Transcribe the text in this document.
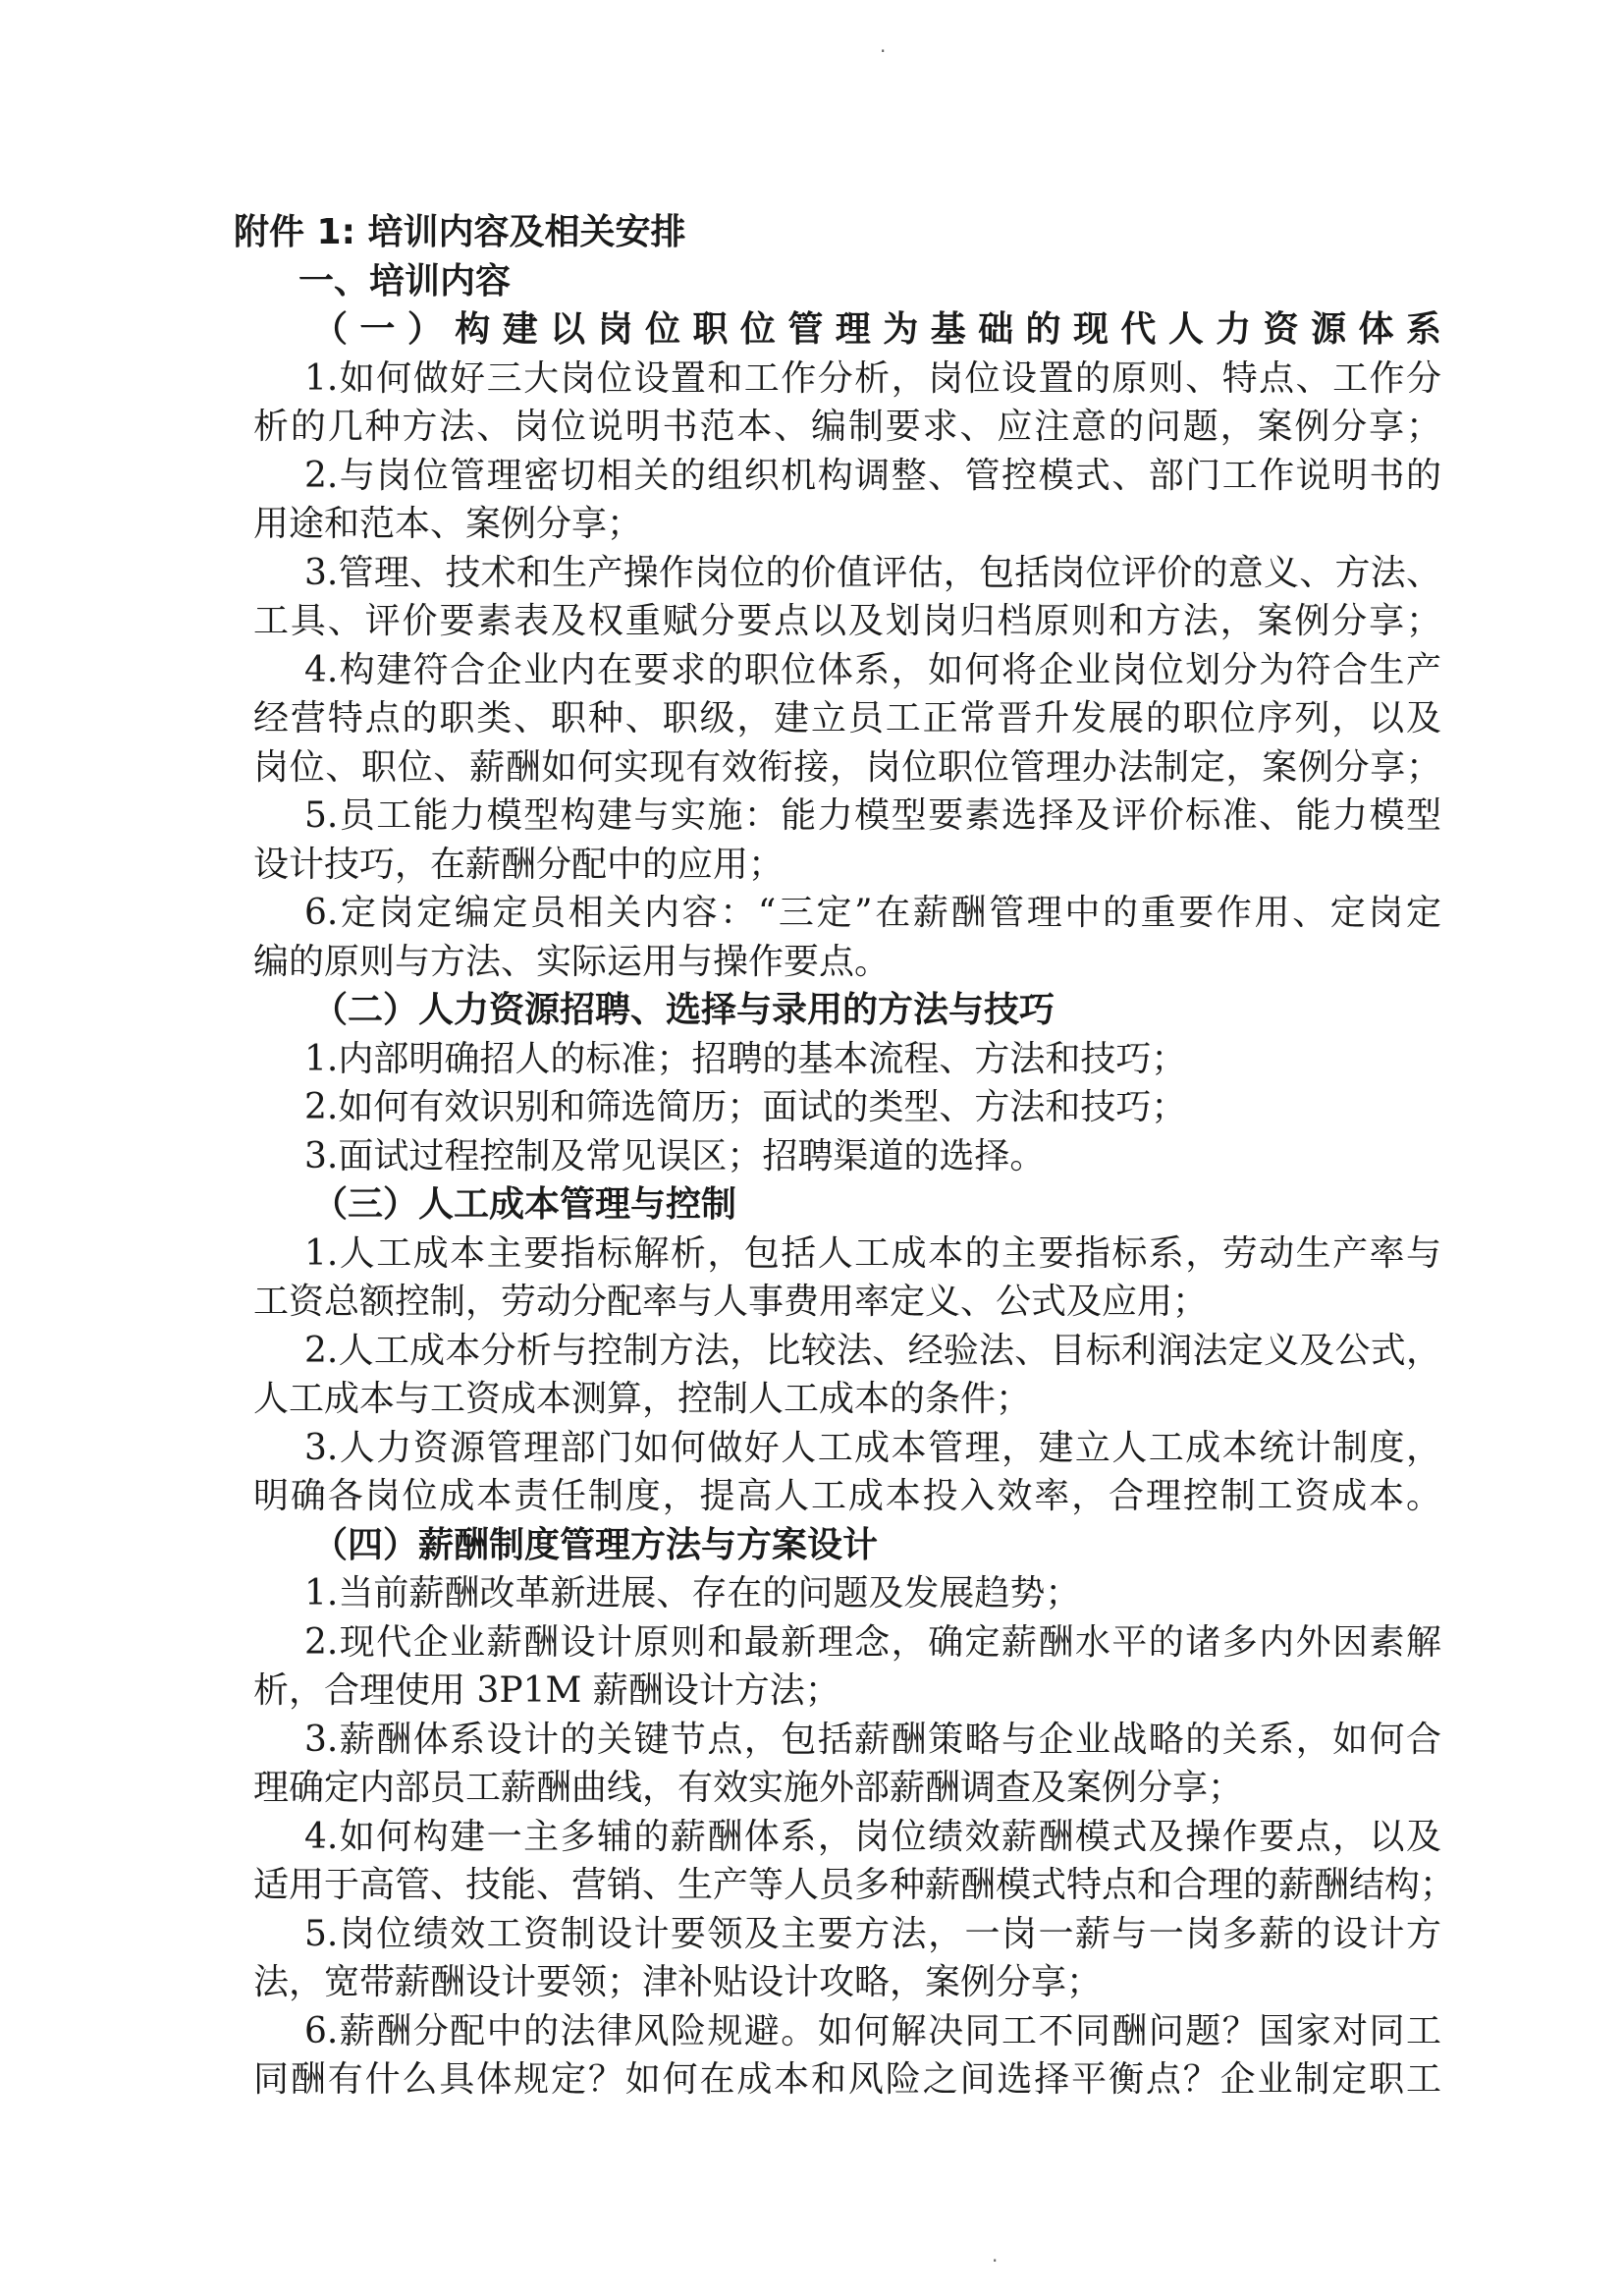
附件 1: 培训内容及相关安排
一、培训内容
（一）构建以岗位职位管理为基础的现代人力资源体系
1.如何做好三大岗位设置和工作分析，岗位设置的原则、特点、工作分
析的几种方法、岗位说明书范本、编制要求、应注意的问题，案例分享；
2.与岗位管理密切相关的组织机构调整、管控模式、部门工作说明书的
用途和范本、案例分享；
3.管理、技术和生产操作岗位的价值评估，包括岗位评价的意义、方法、
工具、评价要素表及权重赋分要点以及划岗归档原则和方法，案例分享；
4.构建符合企业内在要求的职位体系，如何将企业岗位划分为符合生产
经营特点的职类、职种、职级，建立员工正常晋升发展的职位序列，以及
岗位、职位、薪酬如何实现有效衔接，岗位职位管理办法制定，案例分享；
5.员工能力模型构建与实施：能力模型要素选择及评价标准、能力模型
设计技巧，在薪酬分配中的应用；
6.定岗定编定员相关内容：“三定”在薪酬管理中的重要作用、定岗定
编的原则与方法、实际运用与操作要点。
（二）人力资源招聘、选择与录用的方法与技巧
1.内部明确招人的标准；招聘的基本流程、方法和技巧；
2.如何有效识别和筛选简历；面试的类型、方法和技巧；
3.面试过程控制及常见误区；招聘渠道的选择。
（三）人工成本管理与控制
1.人工成本主要指标解析，包括人工成本的主要指标系，劳动生产率与
工资总额控制，劳动分配率与人事费用率定义、公式及应用；
2.人工成本分析与控制方法，比较法、经验法、目标利润法定义及公式，
人工成本与工资成本测算，控制人工成本的条件；
3.人力资源管理部门如何做好人工成本管理，建立人工成本统计制度，
明确各岗位成本责任制度，提高人工成本投入效率，合理控制工资成本。
（四）薪酬制度管理方法与方案设计
1.当前薪酬改革新进展、存在的问题及发展趋势；
2.现代企业薪酬设计原则和最新理念，确定薪酬水平的诸多内外因素解
析，合理使用 3P1M 薪酬设计方法；
3.薪酬体系设计的关键节点，包括薪酬策略与企业战略的关系，如何合
理确定内部员工薪酬曲线，有效实施外部薪酬调查及案例分享；
4.如何构建一主多辅的薪酬体系，岗位绩效薪酬模式及操作要点，以及
适用于高管、技能、营销、生产等人员多种薪酬模式特点和合理的薪酬结构；
5.岗位绩效工资制设计要领及主要方法，一岗一薪与一岗多薪的设计方
法，宽带薪酬设计要领；津补贴设计攻略，案例分享；
6.薪酬分配中的法律风险规避。如何解决同工不同酬问题？国家对同工
同酬有什么具体规定？如何在成本和风险之间选择平衡点？企业制定职工
·
·
